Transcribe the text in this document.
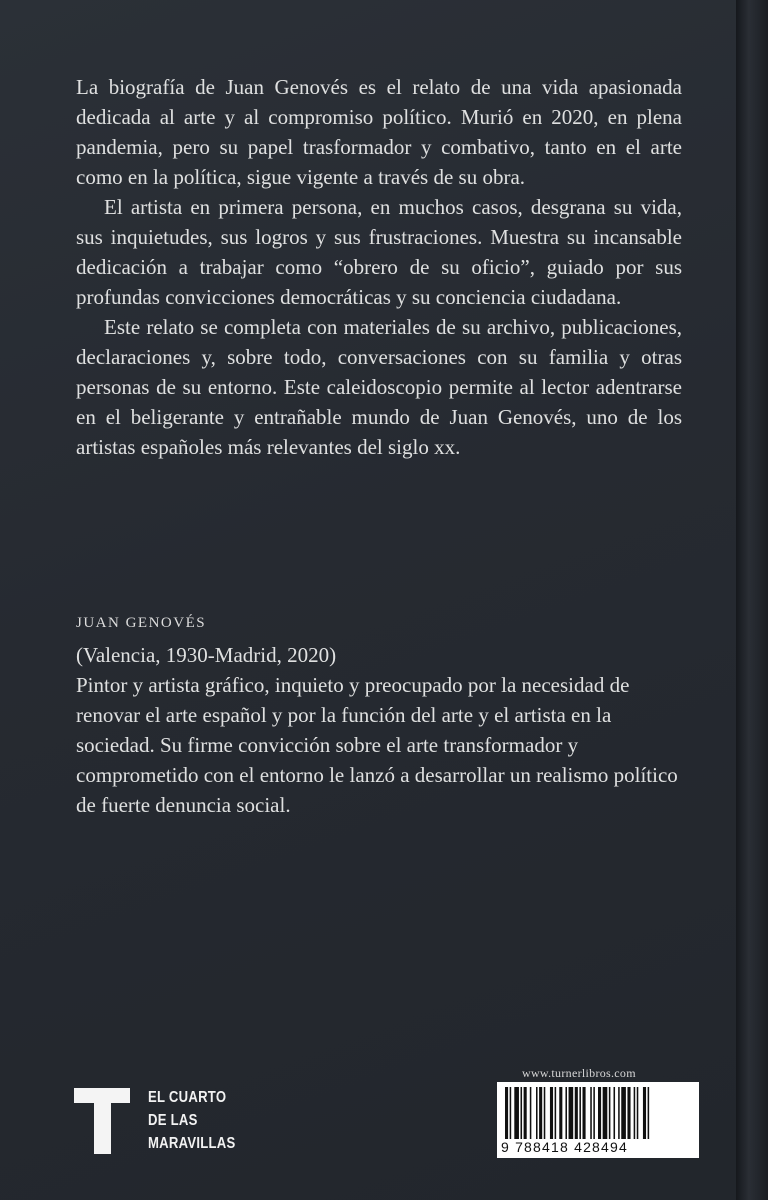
La biografía de Juan Genovés es el relato de una vida apasionada dedicada al arte y al compromiso político. Murió en 2020, en plena pandemia, pero su papel trasformador y combativo, tanto en el arte como en la política, sigue vigente a través de su obra.

El artista en primera persona, en muchos casos, desgrana su vida, sus inquietudes, sus logros y sus frustraciones. Muestra su incansable dedicación a trabajar como “obrero de su oficio”, guiado por sus profundas convicciones democráticas y su conciencia ciudadana.

Este relato se completa con materiales de su archivo, publicaciones, declaraciones y, sobre todo, conversaciones con su familia y otras personas de su entorno. Este caleidoscopio permite al lector adentrarse en el beligerante y entrañable mundo de Juan Genovés, uno de los artistas españoles más relevantes del siglo xx.

JUAN GENOVÉS

(Valencia, 1930-Madrid, 2020)

Pintor y artista gráfico, inquieto y preocupado por la necesidad de renovar el arte español y por la función del arte y el artista en la sociedad. Su firme convicción sobre el arte transformador y comprometido con el entorno le lanzó a desarrollar un realismo político de fuerte denuncia social.

EL CUARTO
DE LAS
MARAVILLAS
www.turnerlibros.com
9 788418 428494
